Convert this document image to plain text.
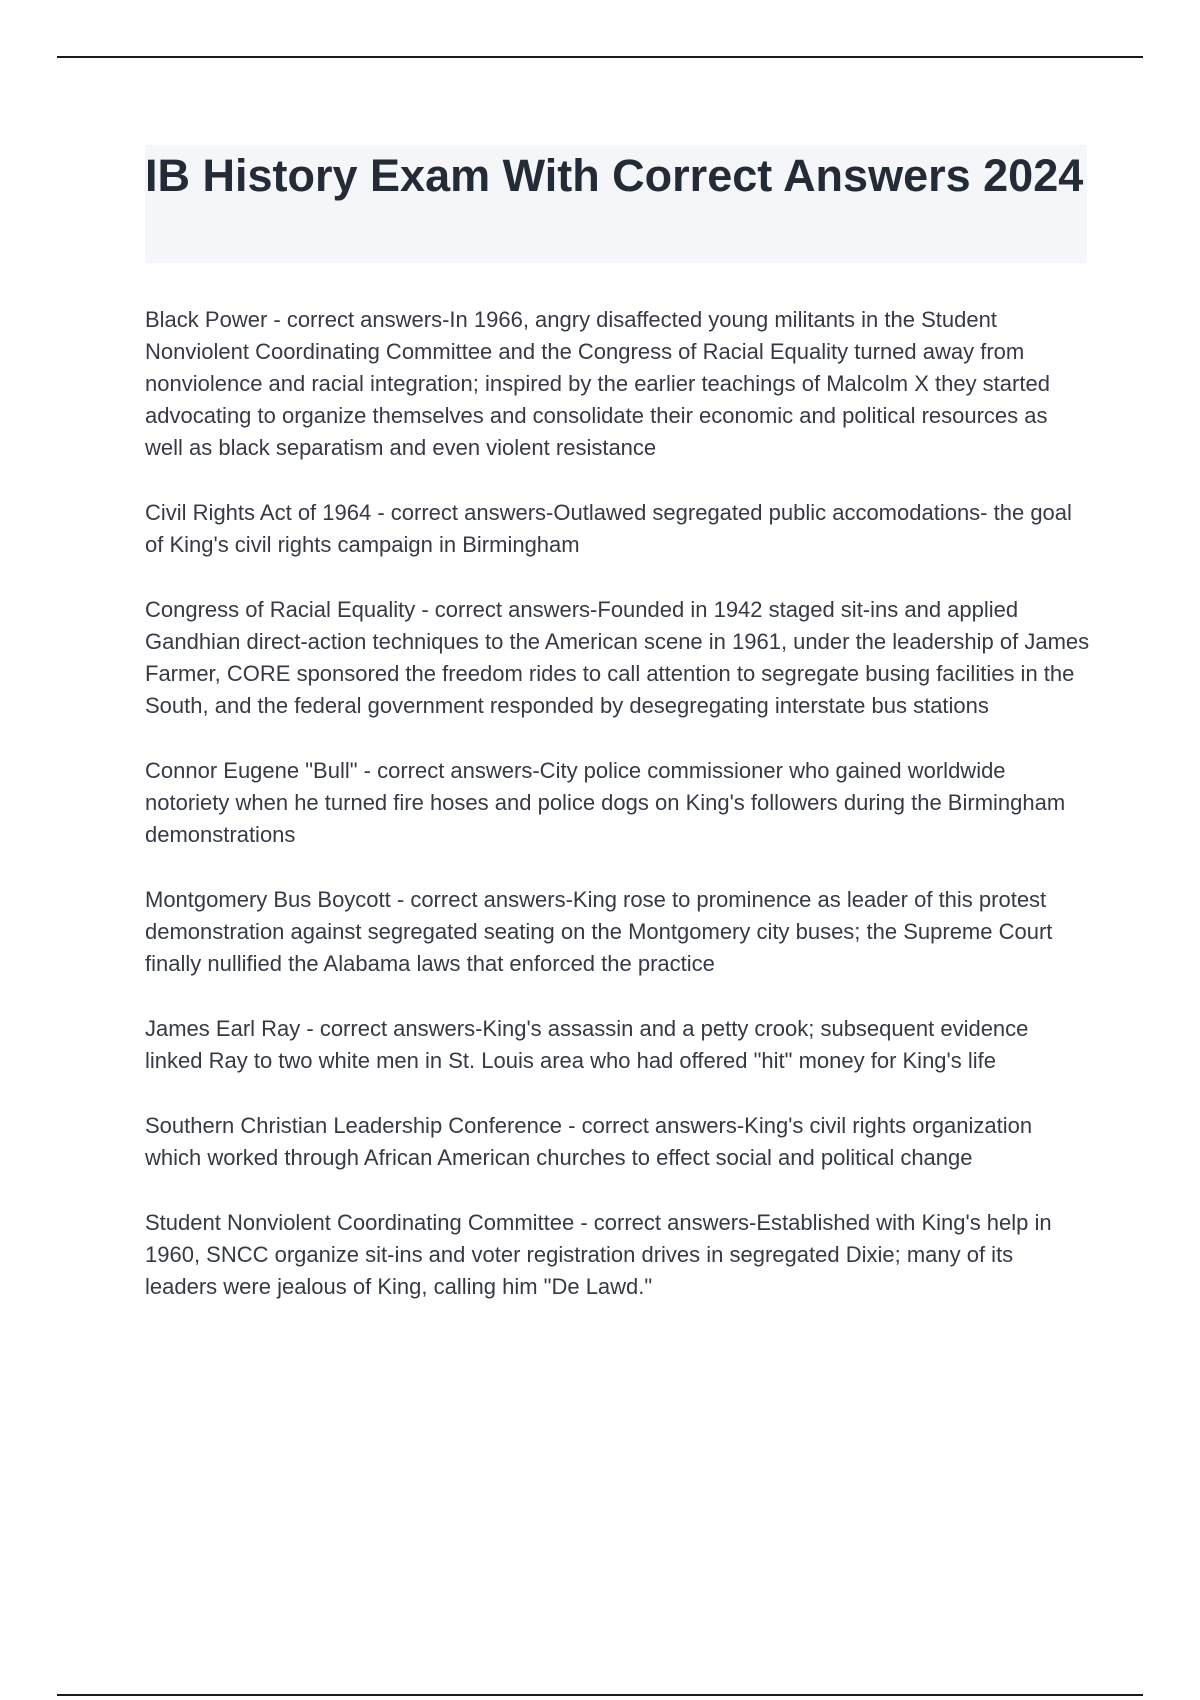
IB History Exam With Correct Answers 2024

Black Power - correct answers-In 1966, angry disaffected young militants in the Student Nonviolent Coordinating Committee and the Congress of Racial Equality turned away from nonviolence and racial integration; inspired by the earlier teachings of Malcolm X they started advocating to organize themselves and consolidate their economic and political resources as well as black separatism and even violent resistance

Civil Rights Act of 1964 - correct answers-Outlawed segregated public accomodations- the goal of King's civil rights campaign in Birmingham

Congress of Racial Equality - correct answers-Founded in 1942 staged sit-ins and applied Gandhian direct-action techniques to the American scene in 1961, under the leadership of James Farmer, CORE sponsored the freedom rides to call attention to segregate busing facilities in the South, and the federal government responded by desegregating interstate bus stations

Connor Eugene "Bull" - correct answers-City police commissioner who gained worldwide notoriety when he turned fire hoses and police dogs on King's followers during the Birmingham demonstrations

Montgomery Bus Boycott - correct answers-King rose to prominence as leader of this protest demonstration against segregated seating on the Montgomery city buses; the Supreme Court finally nullified the Alabama laws that enforced the practice

James Earl Ray - correct answers-King's assassin and a petty crook; subsequent evidence linked Ray to two white men in St. Louis area who had offered "hit" money for King's life

Southern Christian Leadership Conference - correct answers-King's civil rights organization which worked through African American churches to effect social and political change

Student Nonviolent Coordinating Committee - correct answers-Established with King's help in 1960, SNCC organize sit-ins and voter registration drives in segregated Dixie; many of its leaders were jealous of King, calling him "De Lawd."
